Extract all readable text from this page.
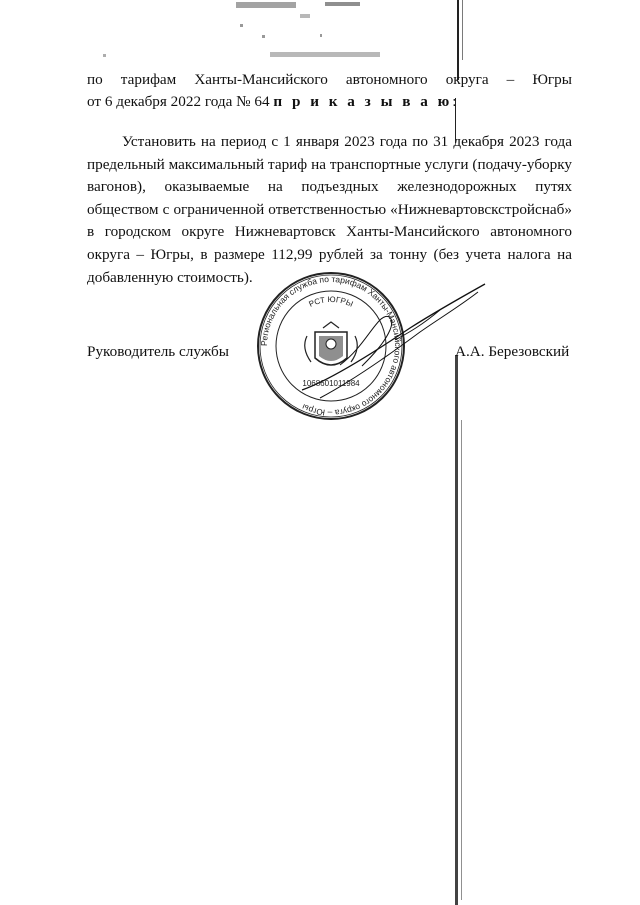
по тарифам Ханты-Мансийского автономного округа – Югры
от 6 декабря 2022 года № 64 п р и к а з ы в а ю:

Установить на период с 1 января 2023 года по 31 декабря 2023 года предельный максимальный тариф на транспортные услуги (подачу-уборку вагонов), оказываемые на подъездных железнодорожных путях обществом с ограниченной ответственностью «Нижневартовскстройснаб» в городском округе Нижневартовск Ханты-Мансийского автономного округа – Югры, в размере 112,99 рублей за тонну (без учета налога на добавленную стоимость).

Региональная служба по тарифам Ханты-Мансийского автономного округа – Югры
РСТ ЮГРЫ
1068601011984
Руководитель службы	А.А. Березовский
